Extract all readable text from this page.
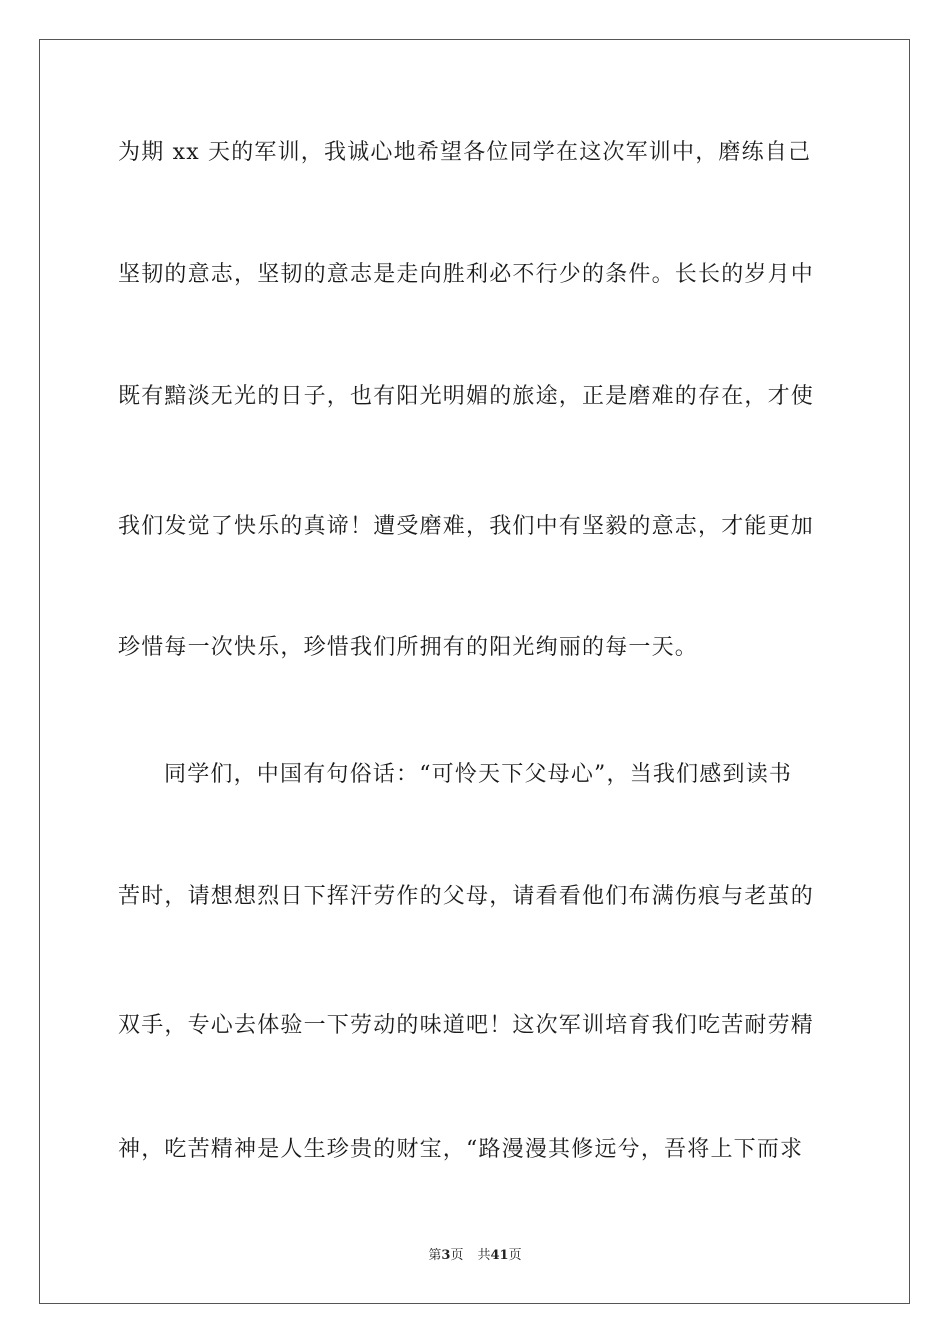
为期 xx 天的军训，我诚心地希望各位同学在这次军训中，磨练自己
坚韧的意志，坚韧的意志是走向胜利必不行少的条件。长长的岁月中
既有黯淡无光的日子，也有阳光明媚的旅途，正是磨难的存在，才使
我们发觉了快乐的真谛！遭受磨难，我们中有坚毅的意志，才能更加
珍惜每一次快乐，珍惜我们所拥有的阳光绚丽的每一天。
同学们，中国有句俗话：“可怜天下父母心”，当我们感到读书
苦时，请想想烈日下挥汗劳作的父母，请看看他们布满伤痕与老茧的
双手，专心去体验一下劳动的味道吧！这次军训培育我们吃苦耐劳精
神，吃苦精神是人生珍贵的财宝，“路漫漫其修远兮，吾将上下而求
第3页 共41页
